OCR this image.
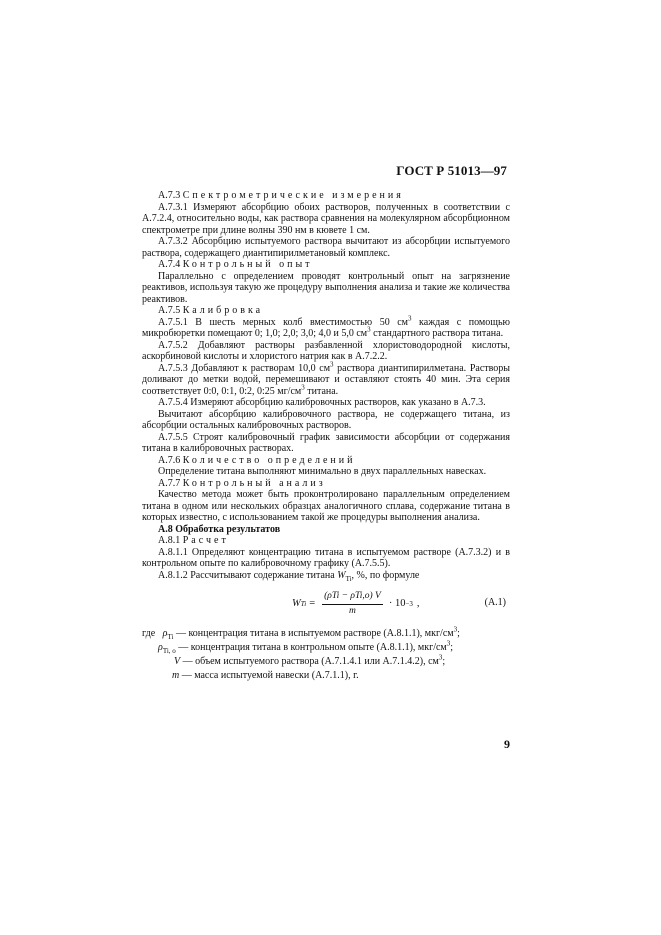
ГОСТ Р 51013—97

А.7.3 Спектрометрические измерения

А.7.3.1 Измеряют абсорбцию обоих растворов, полученных в соответствии с А.7.2.4, относительно воды, как раствора сравнения на молекулярном абсорбционном спектрометре при длине волны 390 нм в кювете 1 см.

А.7.3.2 Абсорбцию испытуемого раствора вычитают из абсорбции испытуемого раствора, содержащего диантипирилметановый комплекс.

А.7.4 Контрольный опыт

Параллельно с определением проводят контрольный опыт на загрязнение реактивов, используя такую же процедуру выполнения анализа и такие же количества реактивов.

А.7.5 Калибровка

А.7.5.1 В шесть мерных колб вместимостью 50 $см^3$ каждая с помощью микробюретки помещают 0; 1,0; 2,0; 3,0; 4,0 и 5,0 $см^3$ стандартного раствора титана.

А.7.5.2 Добавляют растворы разбавленной хлористоводородной кислоты, аскорбиновой кислоты и хлористого натрия как в А.7.2.2.

А.7.5.3 Добавляют к растворам 10,0 $см^3$ раствора диантипирилметана. Растворы доливают до метки водой, перемешивают и оставляют стоять 40 мин. Эта серия соответствует 0:0, 0:1, 0:2, 0:25 $мг/см^3$ титана.

А.7.5.4 Измеряют абсорбцию калибровочных растворов, как указано в А.7.3.

Вычитают абсорбцию калибровочного раствора, не содержащего титана, из абсорбции остальных калибровочных растворов.

А.7.5.5 Строят калибровочный график зависимости абсорбции от содержания титана в калибровочных растворах.

А.7.6 Количество определений

Определение титана выполняют минимально в двух параллельных навесках.

А.7.7 Контрольный анализ

Качество метода может быть проконтролировано параллельным определением титана в одном или нескольких образцах аналогичного сплава, содержание титана в которых известно, с использованием такой же процедуры выполнения анализа.

А.8 Обработка результатов

А.8.1 Расчет

А.8.1.1 Определяют концентрацию титана в испытуемом растворе (А.7.3.2) и в контрольном опыте по калибровочному графику (А.7.5.5).

А.8.1.2 Рассчитывают содержание титана $W_{Ti}$, %, по формуле

W $Ti = \frac{\text{(ρTi − ρTi,o) V}}{m} \cdot 10 -3$ ,	(А.1)

где $\rho_{Ti}$ — концентрация титана в испытуемом растворе (А.8.1.1), мкг/$см^3$;

$\rho_{Ti, o}$ — концентрация титана в контрольном опыте (А.8.1.1), мкг/$см^3$;

V — объем испытуемого раствора (А.7.1.4.1 или А.7.1.4.2), $см^3$;

m — масса испытуемой навески (А.7.1.1), г.

9
